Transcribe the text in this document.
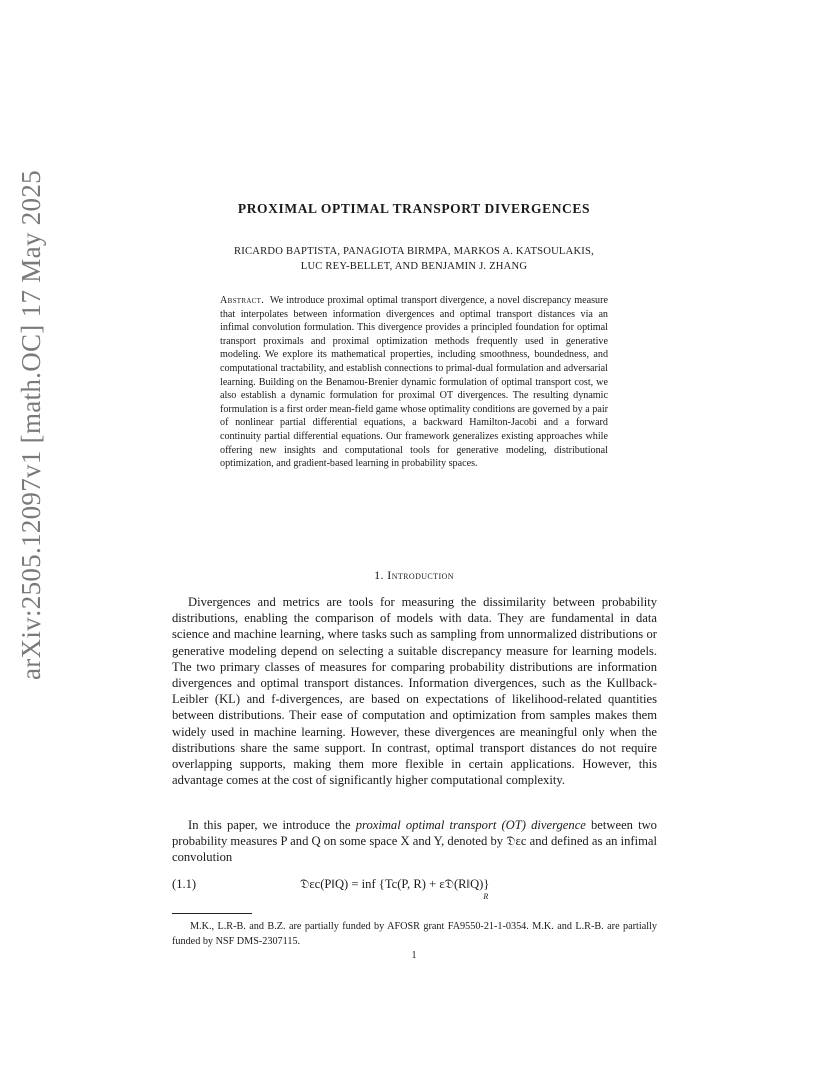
arXiv:2505.12097v1 [math.OC] 17 May 2025	PROXIMAL OPTIMAL TRANSPORT DIVERGENCES
RICARDO BAPTISTA, PANAGIOTA BIRMPA, MARKOS A. KATSOULAKIS,
LUC REY-BELLET, AND BENJAMIN J. ZHANG
Abstract. We introduce proximal optimal transport divergence, a novel discrepancy measure that interpolates between information divergences and optimal transport distances via an infimal convolution formulation. This divergence provides a principled foundation for optimal transport proximals and proximal optimization methods frequently used in generative modeling. We explore its mathematical properties, including smoothness, boundedness, and computational tractability, and establish connections to primal-dual formulation and adversarial learning. Building on the Benamou-Brenier dynamic formulation of optimal transport cost, we also establish a dynamic formulation for proximal OT divergences. The resulting dynamic formulation is a first order mean-field game whose optimality conditions are governed by a pair of nonlinear partial differential equations, a backward Hamilton-Jacobi and a forward continuity partial differential equations. Our framework generalizes existing approaches while offering new insights and computational tools for generative modeling, distributional optimization, and gradient-based learning in probability spaces.
1. Introduction
Divergences and metrics are tools for measuring the dissimilarity between probability distributions, enabling the comparison of models with data. They are fundamental in data science and machine learning, where tasks such as sampling from unnormalized distributions or generative modeling depend on selecting a suitable discrepancy measure for learning models. The two primary classes of measures for comparing probability distributions are information divergences and optimal transport distances. Information divergences, such as the Kullback-Leibler (KL) and f-divergences, are based on expectations of likelihood-related quantities between distributions. Their ease of computation and optimization from samples makes them widely used in machine learning. However, these divergences are meaningful only when the distributions share the same support. In contrast, optimal transport distances do not require overlapping supports, making them more flexible in certain applications. However, this advantage comes at the cost of significantly higher computational complexity.
In this paper, we introduce the proximal optimal transport (OT) divergence between two probability measures P and Q on some space X and Y, denoted by 𝔇εc and defined as an infimal convolution
(1.1)	𝔇εc(P‖Q) = inf {Tc(P, $R) + \varepsilon 𝔇(R‖Q)\}_R$
M.K., L.R-B. and B.Z. are partially funded by AFOSR grant FA9550-21-1-0354. M.K. and L.R-B. are partially funded by NSF DMS-2307115.
1
